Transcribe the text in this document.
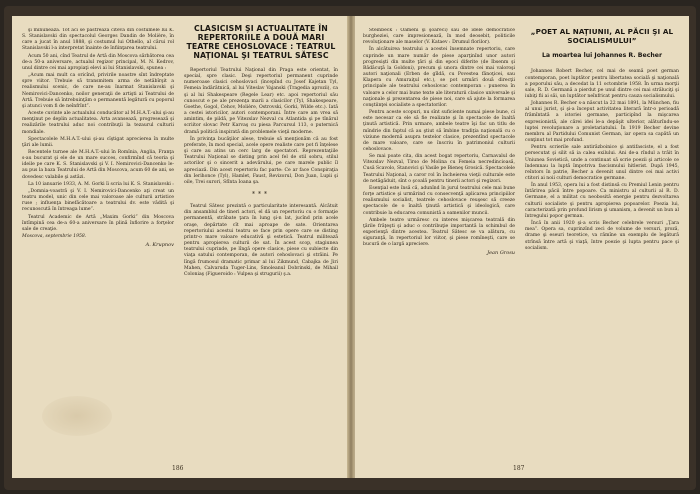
şi minunează. Tot aci se păstrează cîteva din costumele lui K. S. Stanislavski din spectacolul Georges Dandin de Molière, în care a jucat în anul 1888, şi costumul lui Othello, al cărui rol Stanislavski l-a interpretat înainte de înfiinţarea teatrului.

Acum 50 ani, cînd Teatrul de Artă din Moscova sărbătorea cea de-a 50-a aniversare, actualul regizor principal, M. N. Kedrov, unul dintre cei mai apropiaţi elevi ai lui Stanislavski, spunea :

„Acum mai mult ca oricînd, privirile noastre sînt îndreptate spre viitor. Trebuie să transmitem arma de netăbîrşit a realismului scenic, de care ne-au înarmat Stanislavski şi Nemirovici-Dancenko, noilor generaţii de artişti ai Teatrului de Artă. Trebuie să întrebuinţăm o permanentă legătură cu poporul şi atunci vom fi de neînfrînt”.

Aceste cuvinte ale actualului conducător al M.H.A.T.-ului şi-au menţinut pe deplin actualitatea. Arta avansează, progresează şi realizările teatrului aduc noi contribuţii la tezaurul culturii mondiale.

Spectacolele M.H.A.T.-ului şi-au cîştigat aprecierea în multe ţări ale lumii.

Recentele turnee ale M.H.A.T.-ului în Romînia, Anglia, Franţa s-au bucurat şi ele de un mare succes, confirmînd că teoria şi ideile pe care K. S. Stanislavski şi V. I. Nemirovici-Dancenko le-au pus la baza Teatrului de Artă din Moscova, acum 60 de ani, se dovedesc valabile şi astăzi.

La 10 ianuarie 1933, A. M. Gorki îi scria lui K. S. Stanislavski :

„Domnia-voastră şi V. I. Nemirovici-Dancenko aţi creat un teatru model, unic din cele mai valoroase ale culturii artistice ruse ; influenţa binefăcătoare a teatrului dv. este vădită şi recunoscută în întreaga lume”.

Teatrul Academic de Artă „Maxim Gorki” din Moscova întîmpină cea de-a 60-a aniversare în plină înflorire a forţelor sale de creaţie.

Moscova, septembrie 1958.
A. Krupnov
CLASICISM ŞI ACTUALITATE ÎN REPERTORIILE A DOUĂ MARI TEATRE CEHOSLOVACE : TEATRUL NAŢIONAL ŞI TEATRUL SĂTESC

Repertoriul Teatrului Naţional din Praga este orientat, în special, spre clasic. Deşi repertoriul permanent cuprinde numeroase clasici cehoslovaci (începînd cu Josef Kajetan Tyl, Femeia îndărătnică, al lui Viteslav Vajanski (Tragedia aprozii), ca şi al lui Shakespeare (Regele Lear) etc. apoi repertoriul său cunoscut e pe ale prezenţa marii a clasicilor (Tyl, Shakespeare, Goethe, Gogol, Cehov, Molière, Ostrovski, Gorki, Wilde etc.). Iată a cestei istoricilor, autori contemporani. Între care am vrea să amintim, de pildă, pe Vitezslav Nezval cu Atlantida şi pe tînărul scriitor slovac Petr Karvaş cu piesa Parcursul 113, o puternică dramă politică inspirată din problemele vieţii moderne.

În privinţa bucăţilor alese, trebuie să menţionăm că au fost preferate, în mod special, acele opere realiste care pot fi înţelese şi care au atins un cerc larg de spectatori. Reprezentaţiile Teatrului Naţional se disting prin acel fel de stil sobru, stilul actorilor şi o sincerit a adevărului, pe care marele public îl apreciază. Din acest repertoriu fac parte: Ce ar face Conspiraţia din Ierihonce (Tyl), Hamlet, Faust, Revizorul, Don Juan, Lupii şi oile, Trei surori, Sfînta Ioana şa.

***

Teatrul Sătesc prezintă o particularitate interesantă. Alcătuit din ansamblul de tineri actori, el dă un repertoriu cu o formaţie permanentă, străbate ţara în lung şi-n lat, jucînd prin acele oraşe, depărtate cît mai aproape de sate. Orientarea repertoriului acestui teatru se face prin opere care se disting printr-o mare valoare educativă şi estetică. Teatrul militează pentru apropierea culturii de sat. În acest scop, stagiunea teatrului cuprinde, pe lîngă opere clasice, piese cu subiecte din viaţa satului contemporan, de autori cehoslovaci şi străini. Pe lîngă frumosul dramatic primar al lui Zikmund, Cabajka de Jiri Mahen, Calvaruda Tuger-Lins, Smoleanul Dobrinski, de Mihail Coloniaş (Figueroido : Vulpea şi strugurii) ş.a.

186

Steinbeck : Oameni şi şoareci) sau de idele democratice burgheziei, care impresionează, în mod deosebit, politicile revoluţionare ale maselor (V. Kataev : Drumul florilor).

În alcătuirea teatrului a acestei însemnate repertoriu, care cuprinde un mare număr de piese aparţinînd unor autori progresişti din multe ţări şi din epoci diferite (de Ibsenm şi Bădăcuţă la Goldoni), precum şi unora dintre cei mai valoroşi autori naţionali (Erben de gîldă, cu Povestea fănoţicei, sau Klapera cu Amuraiţul etc.), se pot urmări două direcţii principale ale teatrului cehoslovac contemporan : punerea în valoare a celor mai bune texte ale literaturii clasice universale şi naţionale şi prezentarea de piese noi, care să ajute la formarea conştiinţei socialiste a spectatorilor.

Pentru aceste scopuri, nu sînt suficiente numai piese bune, ci este necesar ca ele să fie realizate şi în spectacole de înaltă ţinută artistică. Prin urmare, ambele teatre îşi fac un titlu de mîndrie din faptul că au ştiut să îmbine tradiţia naţională cu o viziune modernă asupra textelor clasice, prezentînd spectacole de mare valoare, care se înscriu în patrimoniul culturii cehoslovace.

Se mai poate cita, din acest bogat repertoriu, Carnavalul de Vitezslav Nezval, Tirso de Molina cu Femeia necredincioasă, Cusă Scavolo, Stanovici şi Vasile pe Bieneş Grosică. Spectacolele Teatrului Naţional, a caror rol în încheierea vieţii culturale este de netăgăduit, sînt o şcoală pentru tinerii actori şi regizori.

Esenţial este însă că, adunînd în jurul teatrului cele mai bune forţe artistice şi urmărind cu consecvenţă aplicarea principiilor realismului socialist, teatrele cehoslovace reuşesc să creeze spectacole de o înaltă ţinută artistică şi ideologică, care contribuie la educarea comunistă a oamenilor muncii.

Ambele teatre urmăresc cu interes mişcarea teatrală din ţările frăţeşti şi aduc o contribuţie importantă la schimbul de experienţă dintre acestea. Teatrul Sătesc se va alătura, cu siguranţă, în repertoriul lor viitor, şi piese romîneşti, care se bucură de o largă apreciere.

Jean Grosu
„POET AL NAŢIUNII, AL PĂCII ŞI AL SOCIALISMULUI”
La moartea lui Johannes R. Becher

Johannes Robert Becher, cel mai de seamă poet german contemporan, poet luptător pentru libertatea socială şi naţională a poporului său, a decedat la 11 octombrie 1958. În urma morţii sale, R. D. Germană a pierdut pe unul dintre cei mai străluciţi şi iubiţi fii ai săi, un luptător neînfricat pentru cauza socialismului.

Johannes R. Becher s-a născut la 22 mai 1891, la München, fiu al unui jurist, şi şi-a început activitatea literară într-o perioadă frămîntată a istoriei germane, participînd la mişcarea expresionistă, ale cărei idei le-a depăşit ulterior, alăturîndu-se luptei revoluţionare a proletariatului. În 1919 Becher devine membru al Partidului Comunist German, iar opera sa capătă un conţinut tot mai profund.

Pentru scrierile sale antirăzboinice şi antifasciste, el a fost persecutat şi silit să ia calea exilului. Ani de-a rîndul a trăit în Uniunea Sovietică, unde a continuat să scrie poezii şi articole ce îndemnau la luptă împotriva fascismului hitlerist. După 1945, reîntors în patrie, Becher a devenit unul dintre cei mai activi ctitori ai noii culturi democratice germane.

În anul 1953, opera lui a fost distinsă cu Premiul Lenin pentru întărirea păcii între popoare. Ca ministru al culturii al R. D. Germane, el a militat cu neobosită energie pentru dezvoltarea culturii socialiste şi pentru apropierea popoarelor. Poezia lui, caracterizată prin profund lirism şi umanism, a devenit un bun al întregului popor german.

Încă în anii 1920 şi-a scris Becher celebrele versuri „Ţara mea”. Opera sa, cuprinzînd zeci de volume de versuri, proză, drame şi eseuri teoretice, va rămîne un exemplu de legătură strînsă între artă şi viaţă, între poezie şi lupta pentru pace şi socialism.

187
